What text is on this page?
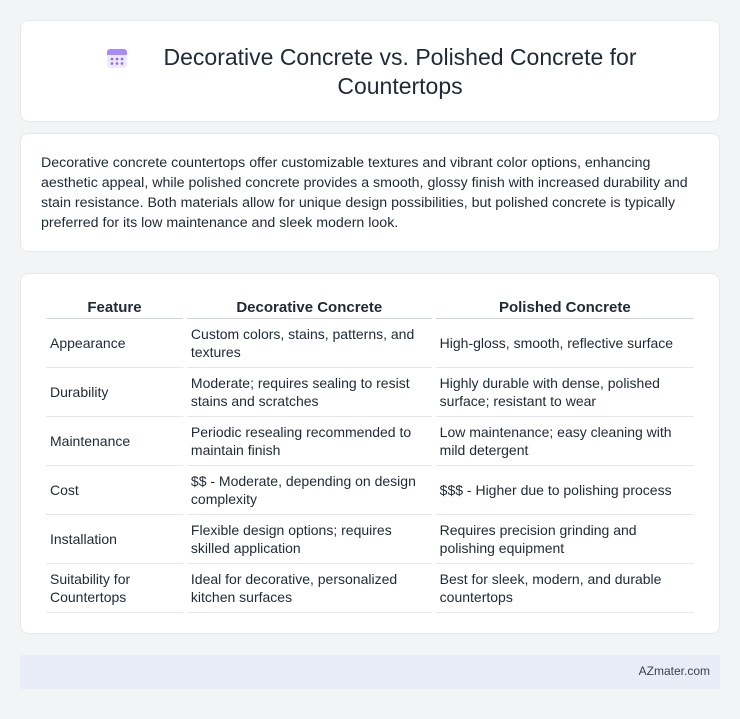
Decorative Concrete vs. Polished Concrete for Countertops

Decorative concrete countertops offer customizable textures and vibrant color options, enhancing aesthetic appeal, while polished concrete provides a smooth, glossy finish with increased durability and stain resistance. Both materials allow for unique design possibilities, but polished concrete is typically preferred for its low maintenance and sleek modern look.

Feature	Decorative Concrete	Polished Concrete
Appearance	Custom colors, stains, patterns, and textures	High-gloss, smooth, reflective surface
Durability	Moderate; requires sealing to resist stains and scratches	Highly durable with dense, polished surface; resistant to wear
Maintenance	Periodic resealing recommended to maintain finish	Low maintenance; easy cleaning with mild detergent
Cost	$$ - Moderate, depending on design complexity	$$$ - Higher due to polishing process
Installation	Flexible design options; requires skilled application	Requires precision grinding and polishing equipment
Suitability for Countertops	Ideal for decorative, personalized kitchen surfaces	Best for sleek, modern, and durable countertops
AZmater.com
